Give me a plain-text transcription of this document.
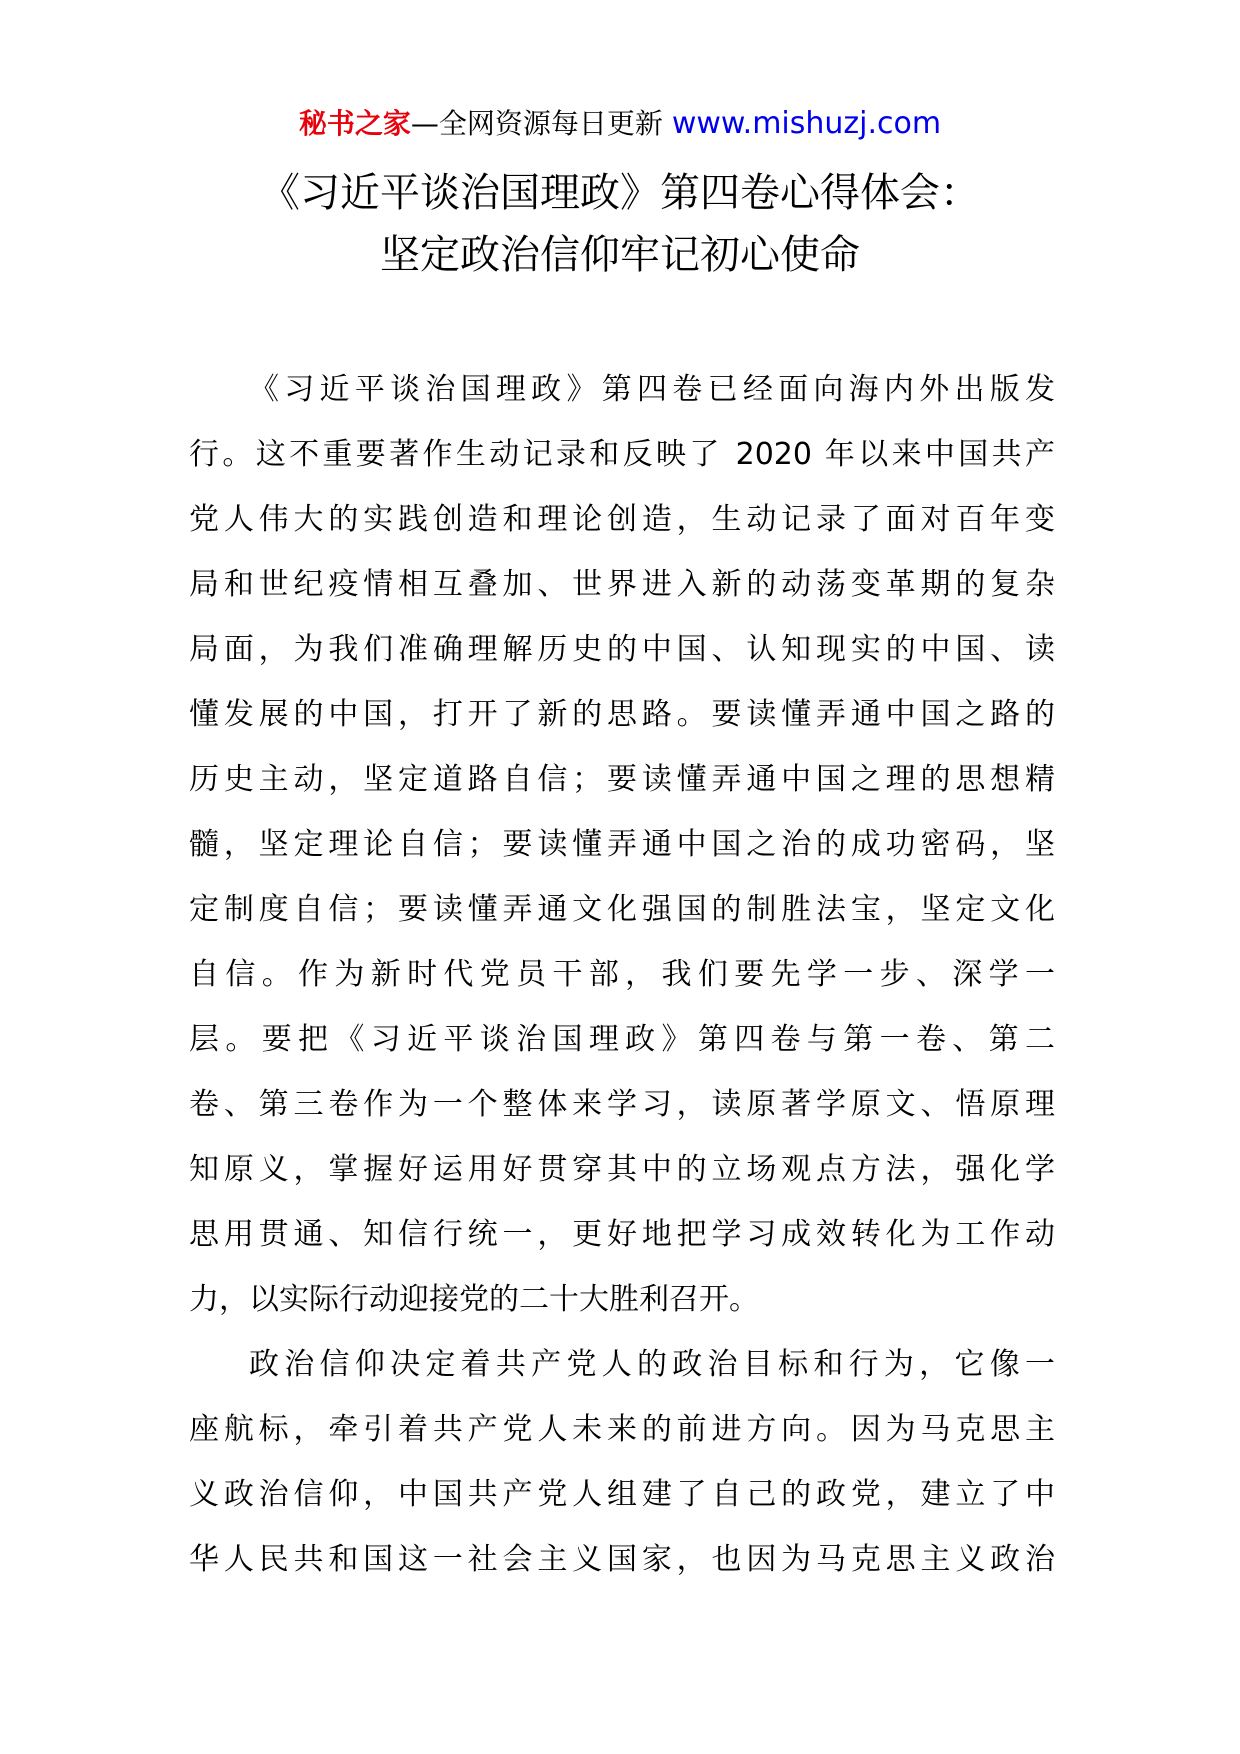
秘书之家—全网资源每日更新 www.mishuzj.com
《习近平谈治国理政》第四卷心得体会：
坚定政治信仰牢记初心使命
《习近平谈治国理政》第四卷已经面向海内外出版发
行。这不重要著作生动记录和反映了 2020 年以来中国共产
党人伟大的实践创造和理论创造，生动记录了面对百年变
局和世纪疫情相互叠加、世界进入新的动荡变革期的复杂
局面，为我们准确理解历史的中国、认知现实的中国、读
懂发展的中国，打开了新的思路。要读懂弄通中国之路的
历史主动，坚定道路自信；要读懂弄通中国之理的思想精
髓，坚定理论自信；要读懂弄通中国之治的成功密码，坚
定制度自信；要读懂弄通文化强国的制胜法宝，坚定文化
自信。作为新时代党员干部，我们要先学一步、深学一
层。要把《习近平谈治国理政》第四卷与第一卷、第二
卷、第三卷作为一个整体来学习，读原著学原文、悟原理
知原义，掌握好运用好贯穿其中的立场观点方法，强化学
思用贯通、知信行统一，更好地把学习成效转化为工作动
力，以实际行动迎接党的二十大胜利召开。
政治信仰决定着共产党人的政治目标和行为，它像一
座航标，牵引着共产党人未来的前进方向。因为马克思主
义政治信仰，中国共产党人组建了自己的政党，建立了中
华人民共和国这一社会主义国家，也因为马克思主义政治
